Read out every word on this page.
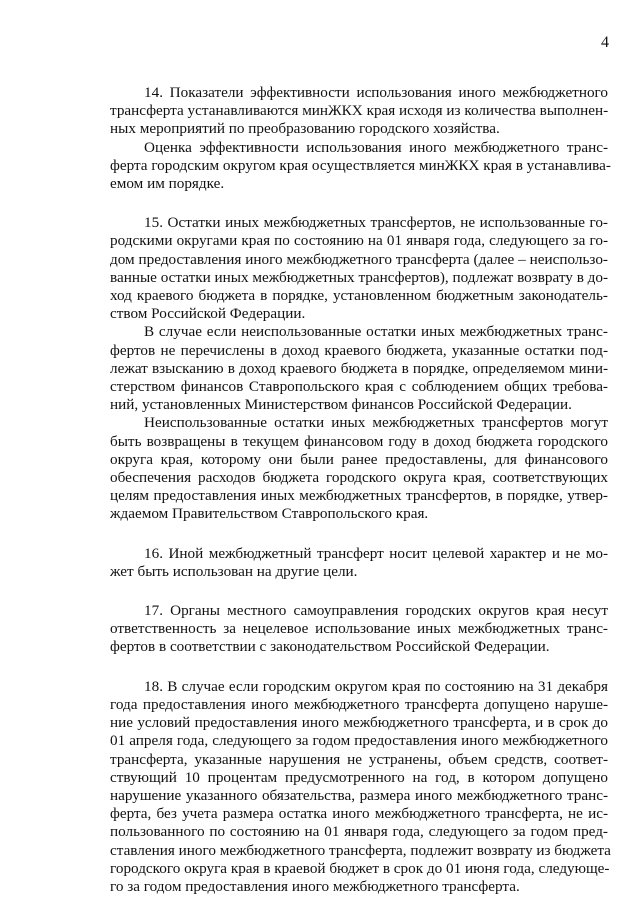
4

14. Показатели эффективности использования иного межбюджетного
трансферта устанавливаются минЖКХ края исходя из количества выполнен-
ных мероприятий по преобразованию городского хозяйства.

Оценка эффективности использования иного межбюджетного транс-
ферта городским округом края осуществляется минЖКХ края в устанавлива-
емом им порядке.

15. Остатки иных межбюджетных трансфертов, не использованные го-
родскими округами края по состоянию на 01 января года, следующего за го-
дом предоставления иного межбюджетного трансферта (далее – неиспользо-
ванные остатки иных межбюджетных трансфертов), подлежат возврату в до-
ход краевого бюджета в порядке, установленном бюджетным законодатель-
ством Российской Федерации.

В случае если неиспользованные остатки иных межбюджетных транс-
фертов не перечислены в доход краевого бюджета, указанные остатки под-
лежат взысканию в доход краевого бюджета в порядке, определяемом мини-
стерством финансов Ставропольского края с соблюдением общих требова-
ний, установленных Министерством финансов Российской Федерации.

Неиспользованные остатки иных межбюджетных трансфертов могут
быть возвращены в текущем финансовом году в доход бюджета городского
округа края, которому они были ранее предоставлены, для финансового
обеспечения расходов бюджета городского округа края, соответствующих
целям предоставления иных межбюджетных трансфертов, в порядке, утвер-
ждаемом Правительством Ставропольского края.

16. Иной межбюджетный трансферт носит целевой характер и не мо-
жет быть использован на другие цели.

17. Органы местного самоуправления городских округов края несут
ответственность за нецелевое использование иных межбюджетных транс-
фертов в соответствии с законодательством Российской Федерации.

18. В случае если городским округом края по состоянию на 31 декабря
года предоставления иного межбюджетного трансферта допущено наруше-
ние условий предоставления иного межбюджетного трансферта, и в срок до
01 апреля года, следующего за годом предоставления иного межбюджетного
трансферта, указанные нарушения не устранены, объем средств, соответ-
ствующий 10 процентам предусмотренного на год, в котором допущено
нарушение указанного обязательства, размера иного межбюджетного транс-
ферта, без учета размера остатка иного межбюджетного трансферта, не ис-
пользованного по состоянию на 01 января года, следующего за годом пред-
ставления иного межбюджетного трансферта, подлежит возврату из бюджета
городского округа края в краевой бюджет в срок до 01 июня года, следующе-
го за годом предоставления иного межбюджетного трансферта.
